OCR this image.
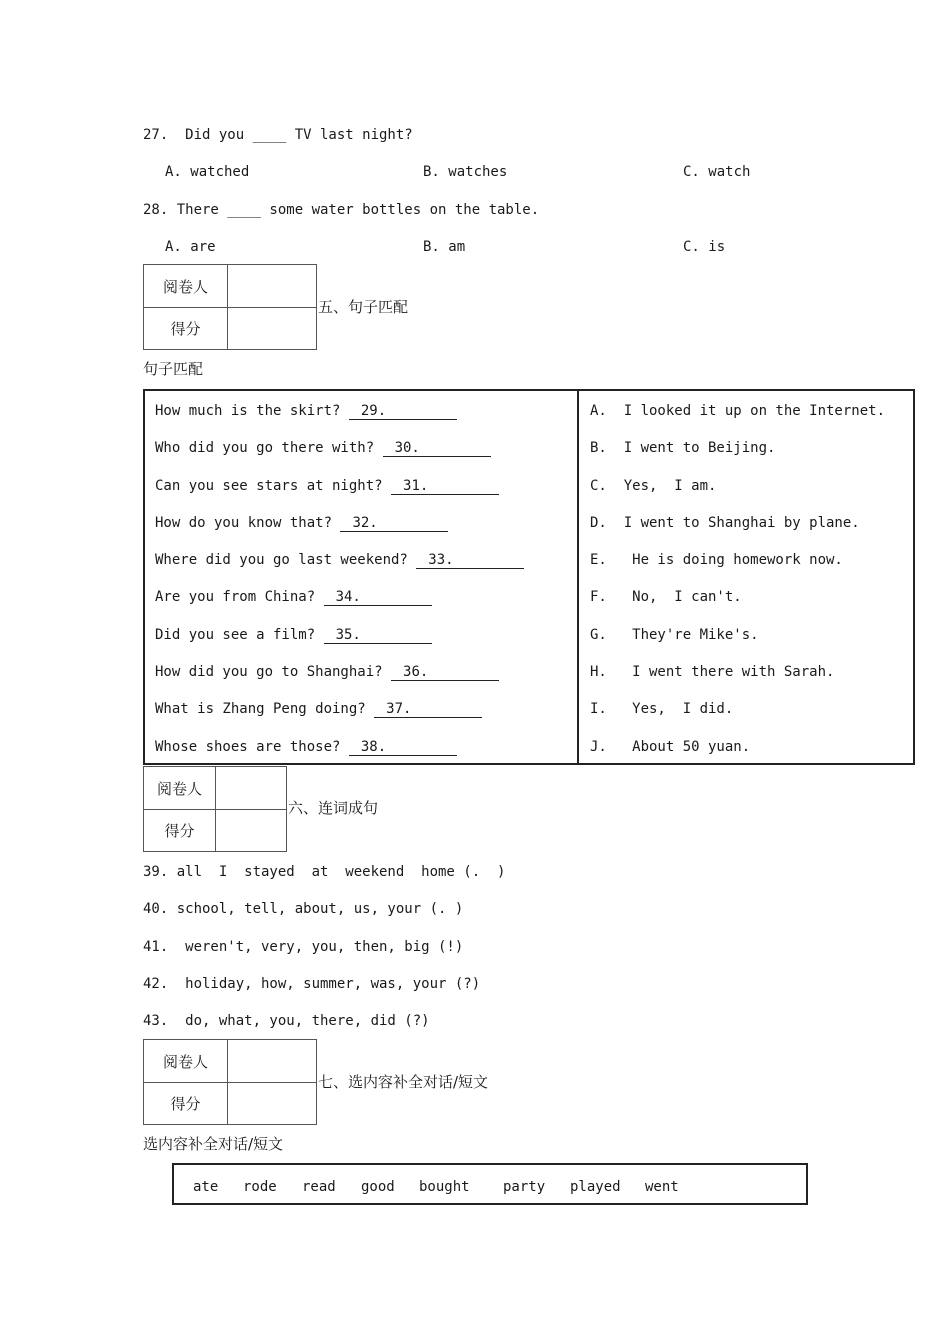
27.  Did you ____ TV last night?
A. watched	B. watches	C. watch
28. There ____ some water bottles on the table.
A. are	B. am	C. is
阅卷人	
得分	
五、句子匹配
句子匹配
How much is the skirt? 29.
Who did you go there with? 30.
Can you see stars at night? 31.
How do you know that? 32.
Where did you go last weekend? 33.
Are you from China? 34.
Did you see a film? 35.
How did you go to Shanghai? 36.
What is Zhang Peng doing? 37.
Whose shoes are those? 38.
A.  I looked it up on the Internet.
B.  I went to Beijing.
C.  Yes,  I am.
D.  I went to Shanghai by plane.
E.   He is doing homework now.
F.   No,  I can't.
G.   They're Mike's.
H.   I went there with Sarah.
I.   Yes,  I did.
J.   About 50 yuan.
阅卷人	
得分	
六、连词成句
39. all  I  stayed  at  weekend  home (.  )
40. school, tell, about, us, your (. )
41.  weren't, very, you, then, big (!)
42.  holiday, how, summer, was, your (?)
43.  do, what, you, there, did (?)
阅卷人	
得分	
七、选内容补全对话/短文
选内容补全对话/短文
ate rode read good bought party played went
